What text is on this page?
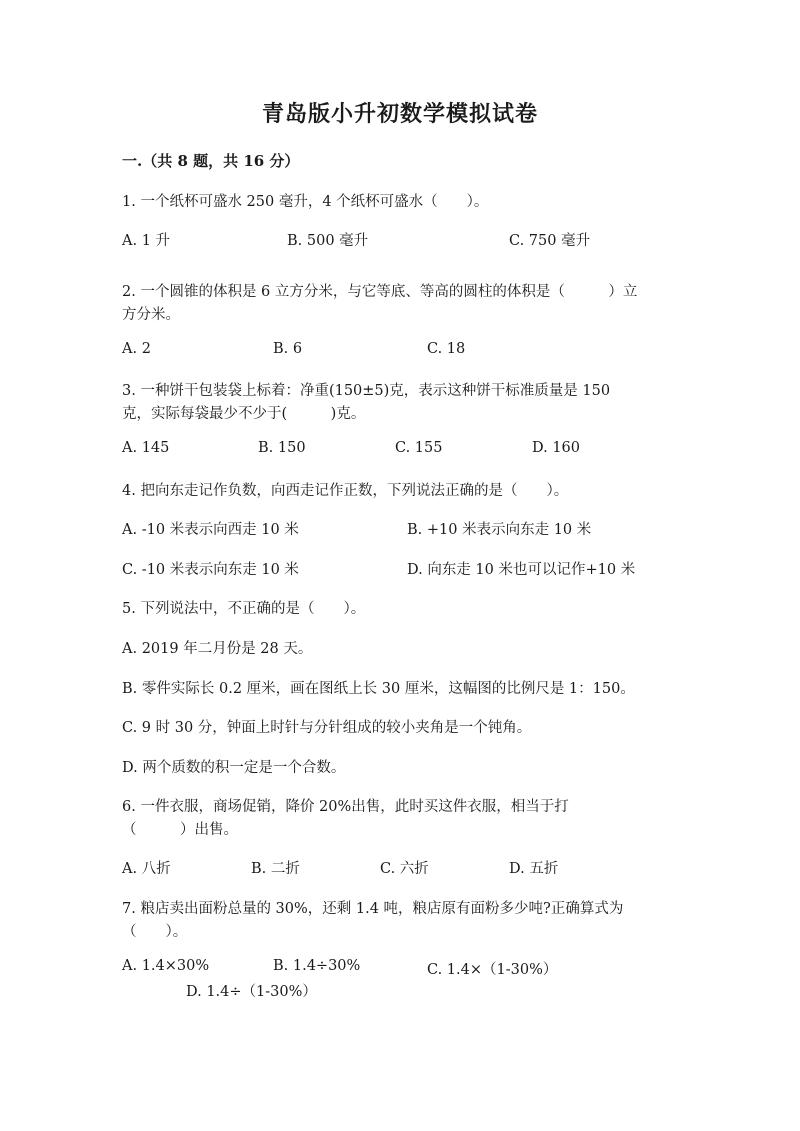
青岛版小升初数学模拟试卷
一.（共 8 题，共 16 分）
1. 一个纸杯可盛水 250 毫升，4 个纸杯可盛水（　　）。
A. 1 升	B. 500 毫升	C. 750 毫升
2. 一个圆锥的体积是 6 立方分米，与它等底、等高的圆柱的体积是（　　　）立
方分米。
A. 2	B. 6	C. 18
3. 一种饼干包装袋上标着：净重(150±5)克，表示这种饼干标准质量是 150
克，实际每袋最少不少于(　　　)克。
A. 145	B. 150	C. 155	D. 160
4. 把向东走记作负数，向西走记作正数，下列说法正确的是（　　）。
A. -10 米表示向西走 10 米	B. +10 米表示向东走 10 米
C. -10 米表示向东走 10 米	D. 向东走 10 米也可以记作+10 米
5. 下列说法中，不正确的是（　　）。
A. 2019 年二月份是 28 天。
B. 零件实际长 0.2 厘米，画在图纸上长 30 厘米，这幅图的比例尺是 1：150。
C. 9 时 30 分，钟面上时针与分针组成的较小夹角是一个钝角。
D. 两个质数的积一定是一个合数。
6. 一件衣服，商场促销，降价 20%出售，此时买这件衣服，相当于打
（　　　）出售。
A. 八折	B. 二折	C. 六折	D. 五折
7. 粮店卖出面粉总量的 30%，还剩 1.4 吨，粮店原有面粉多少吨?正确算式为
（　　）。
A. 1.4×30%	B. 1.4÷30%	C. 1.4×（1-30%）
D. 1.4÷（1-30%）
